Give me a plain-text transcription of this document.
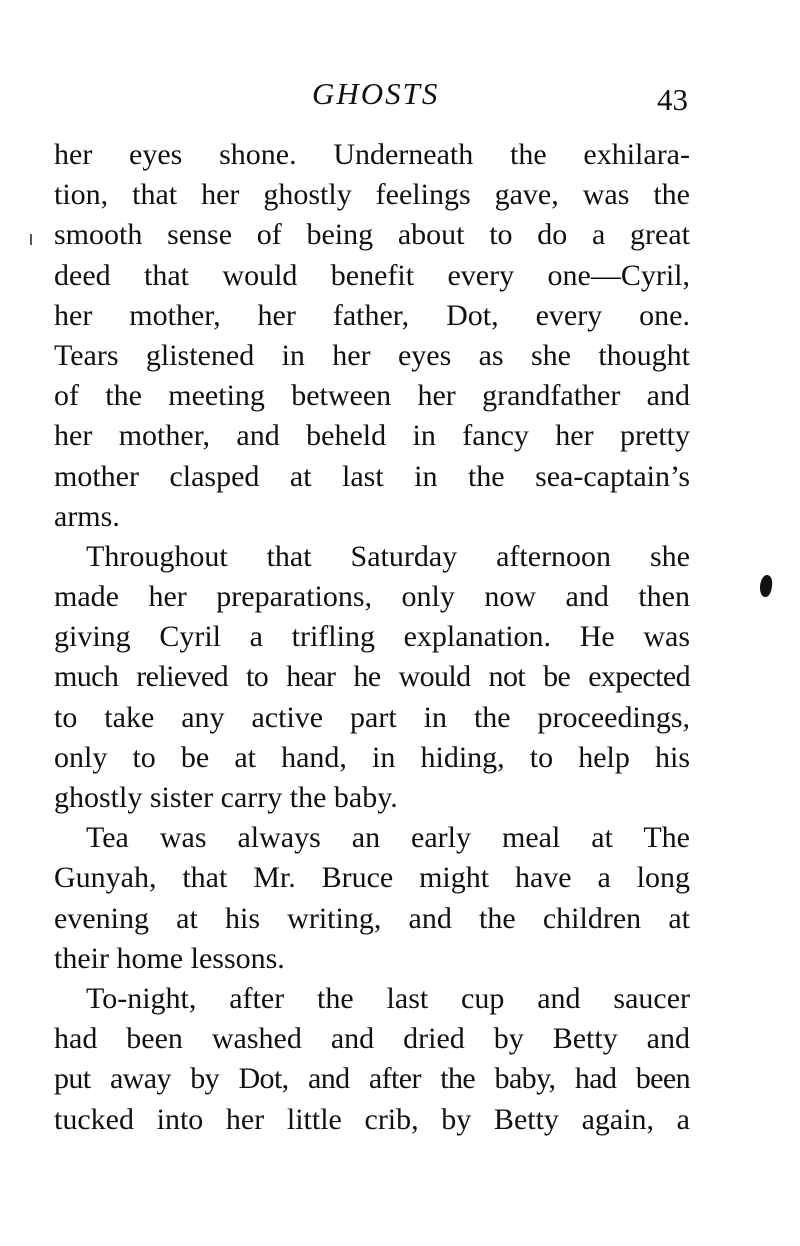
GHOSTS	43
her eyes shone. Underneath the exhilara-
tion, that her ghostly feelings gave, was the
smooth sense of being about to do a great
deed that would benefit every one—Cyril,
her mother, her father, Dot, every one.
Tears glistened in her eyes as she thought
of the meeting between her grandfather and
her mother, and beheld in fancy her pretty
mother clasped at last in the sea-captain’s
arms.
Throughout that Saturday afternoon she
made her preparations, only now and then
giving Cyril a trifling explanation. He was
much relieved to hear he would not be expected
to take any active part in the proceedings,
only to be at hand, in hiding, to help his
ghostly sister carry the baby.
Tea was always an early meal at The
Gunyah, that Mr. Bruce might have a long
evening at his writing, and the children at
their home lessons.
To-night, after the last cup and saucer
had been washed and dried by Betty and
put away by Dot, and after the baby, had been
tucked into her little crib, by Betty again, a
